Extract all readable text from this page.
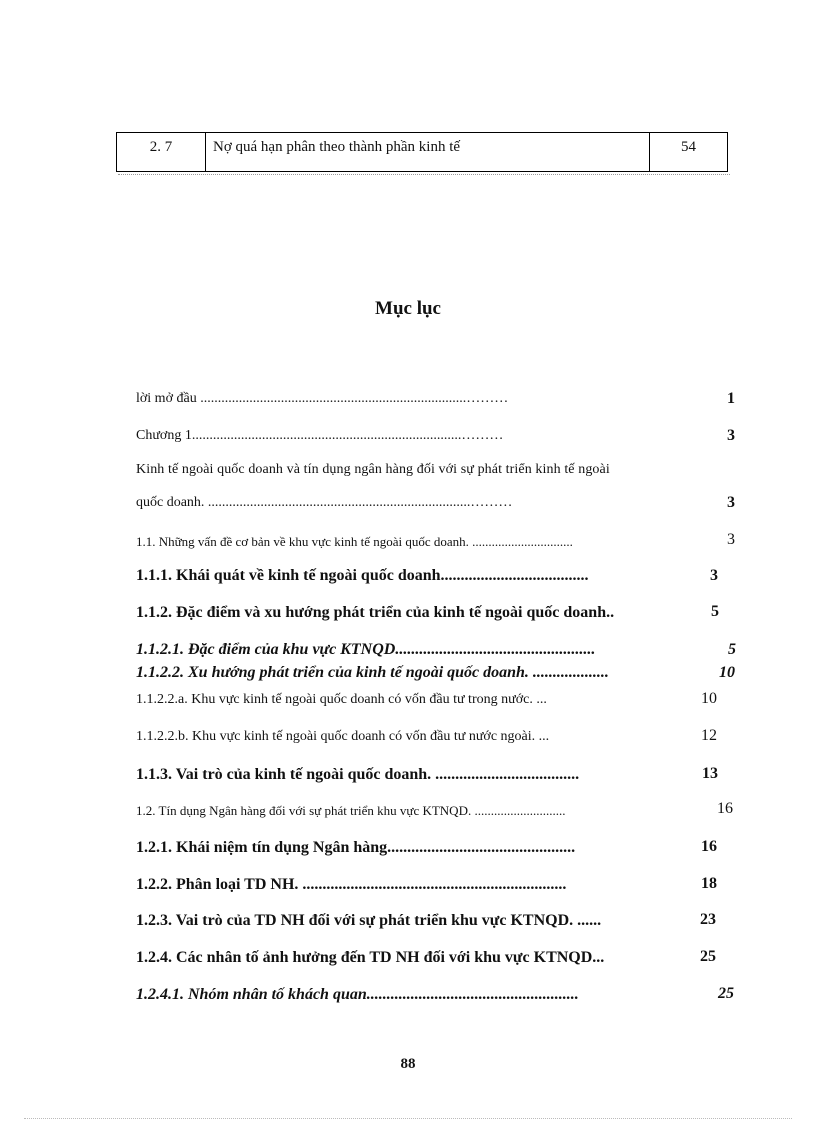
2. 7	Nợ quá hạn phân theo thành phần kinh tế	54
Mục lục
lời mở đầu ............................................................................………	1
Chương 1.............................................................................………	3
Kinh tế ngoài quốc doanh và tín dụng ngân hàng đối với sự phát triển kinh tế ngoài
quốc doanh. ...........................................................................………	3
1.1. Những vấn đề cơ bản về khu vực kinh tế ngoài quốc doanh. ...............................	3
1.1.1. Khái quát về kinh tế ngoài quốc doanh.....................................	3
1.1.2. Đặc điểm và xu hướng phát triển của kinh tế ngoài quốc doanh..	5
1.1.2.1. Đặc điểm của khu vực KTNQD..................................................	5
1.1.2.2. Xu hướng phát triển của kinh tế ngoài quốc doanh. ...................	10
1.1.2.2.a. Khu vực kinh tế ngoài quốc doanh có vốn đầu tư trong nước. ...	10
1.1.2.2.b. Khu vực kinh tế ngoài quốc doanh có vốn đầu tư nước ngoài. ...	12
1.1.3. Vai trò của kinh tế ngoài quốc doanh. ....................................	13
1.2. Tín dụng Ngân hàng đối với sự phát triển khu vực KTNQD. ............................	16
1.2.1. Khái niệm tín dụng Ngân hàng...............................................	16
1.2.2. Phân loại TD NH. ..................................................................	18
1.2.3. Vai trò của TD NH đối với sự phát triển khu vực KTNQD. ......	23
1.2.4. Các nhân tố ảnh hưởng đến TD NH đối với khu vực KTNQD...	25
1.2.4.1. Nhóm nhân tố khách quan.....................................................	25
88
